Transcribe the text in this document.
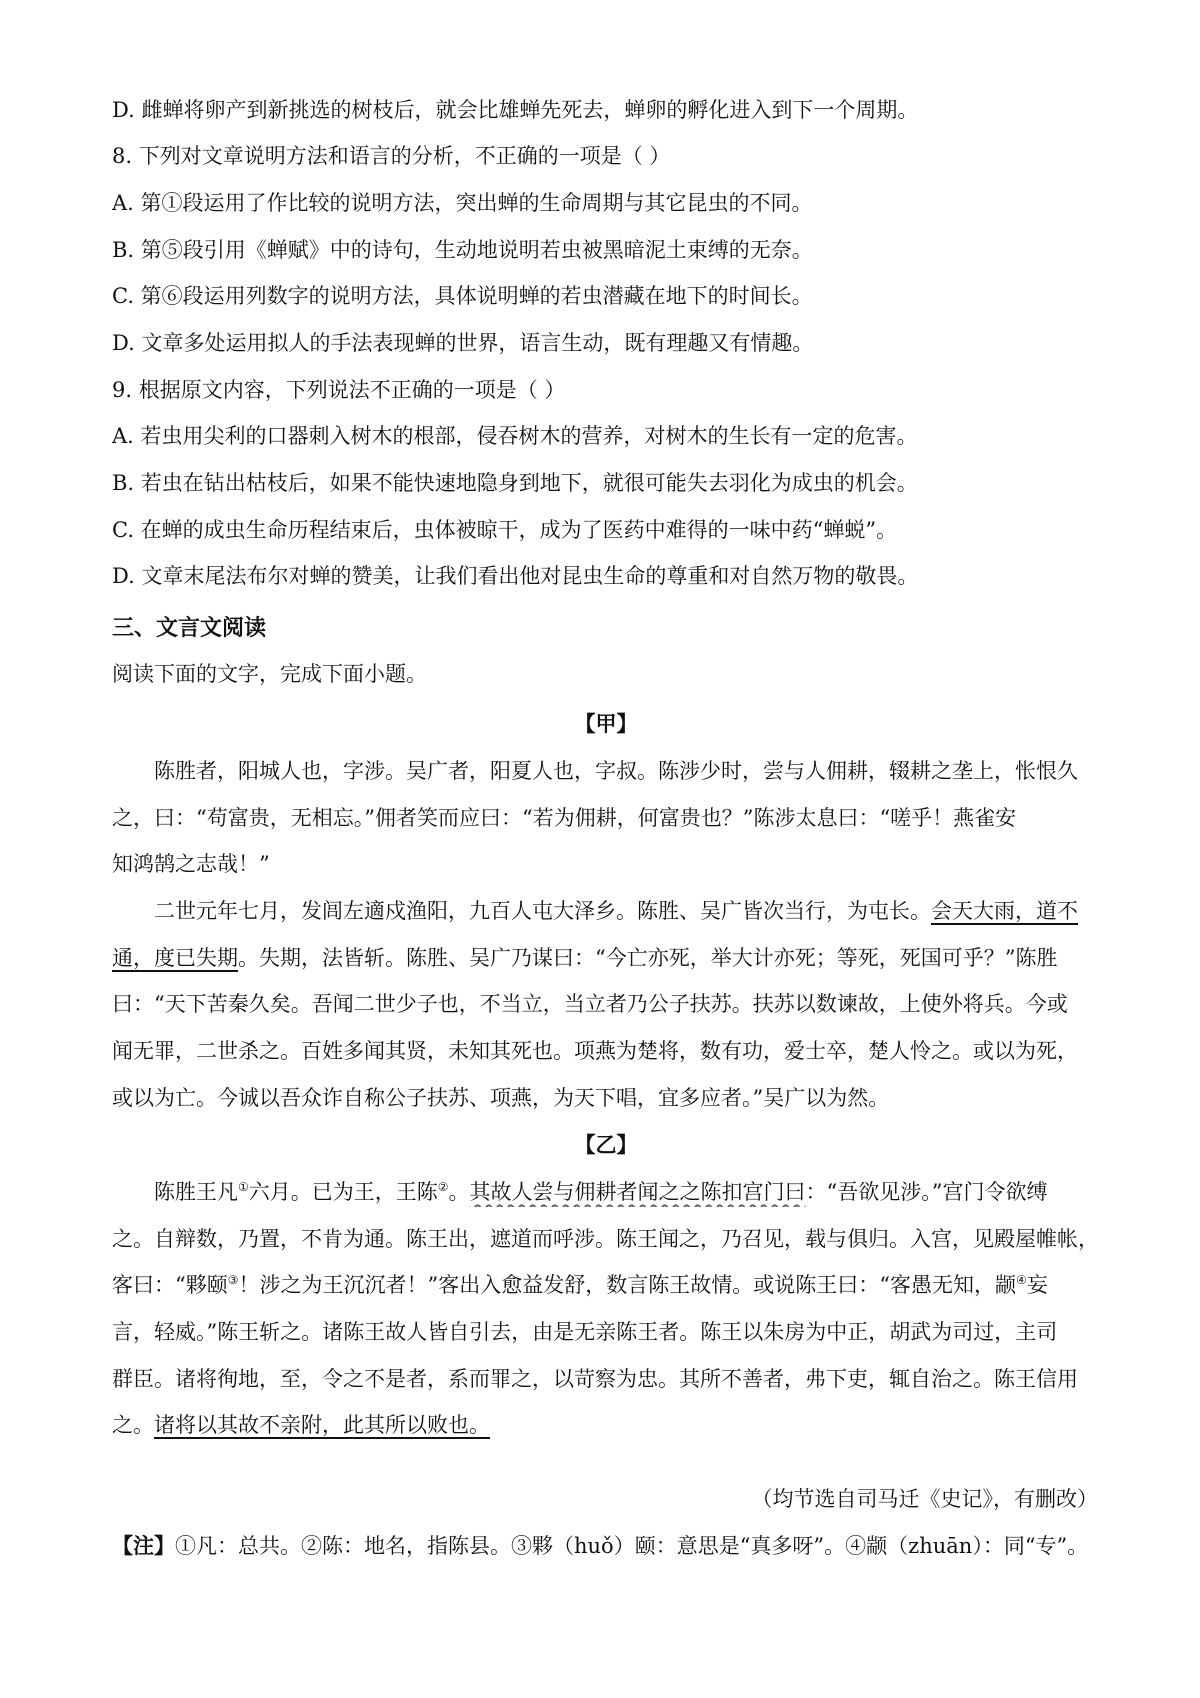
D. 雌蝉将卵产到新挑选的树枝后，就会比雄蝉先死去，蝉卵的孵化进入到下一个周期。
8. 下列对文章说明方法和语言的分析，不正确的一项是（ ）
A. 第①段运用了作比较的说明方法，突出蝉的生命周期与其它昆虫的不同。
B. 第⑤段引用《蝉赋》中的诗句，生动地说明若虫被黑暗泥土束缚的无奈。
C. 第⑥段运用列数字的说明方法，具体说明蝉的若虫潜藏在地下的时间长。
D. 文章多处运用拟人的手法表现蝉的世界，语言生动，既有理趣又有情趣。
9. 根据原文内容，下列说法不正确的一项是（ ）
A. 若虫用尖利的口器刺入树木的根部，侵吞树木的营养，对树木的生长有一定的危害。
B. 若虫在钻出枯枝后，如果不能快速地隐身到地下，就很可能失去羽化为成虫的机会。
C. 在蝉的成虫生命历程结束后，虫体被晾干，成为了医药中难得的一味中药“蝉蜕”。
D. 文章末尾法布尔对蝉的赞美，让我们看出他对昆虫生命的尊重和对自然万物的敬畏。
三、文言文阅读
阅读下面的文字，完成下面小题。
【甲】
陈胜者，阳城人也，字涉。吴广者，阳夏人也，字叔。陈涉少时，尝与人佣耕，辍耕之垄上，怅恨久
之，曰：“苟富贵，无相忘。”佣者笑而应曰：“若为佣耕，何富贵也？”陈涉太息曰：“嗟乎！燕雀安
知鸿鹄之志哉！”
二世元年七月，发闾左適戍渔阳，九百人屯大泽乡。陈胜、吴广皆次当行，为屯长。会天大雨，道不
通，度已失期。失期，法皆斩。陈胜、吴广乃谋曰：“今亡亦死，举大计亦死；等死，死国可乎？”陈胜
曰：“天下苦秦久矣。吾闻二世少子也，不当立，当立者乃公子扶苏。扶苏以数谏故，上使外将兵。今或
闻无罪，二世杀之。百姓多闻其贤，未知其死也。项燕为楚将，数有功，爱士卒，楚人怜之。或以为死，
或以为亡。今诚以吾众诈自称公子扶苏、项燕，为天下唱，宜多应者。”吴广以为然。
【乙】
陈胜王凡①六月。已为王，王陈②。其故人尝与佣耕者闻之之陈扣宫门曰：“吾欲见涉。”宫门令欲缚
之。自辩数，乃置，不肯为通。陈王出，遮道而呼涉。陈王闻之，乃召见，载与俱归。入宫，见殿屋帷帐，
客曰：“夥颐③！涉之为王沉沉者！”客出入愈益发舒，数言陈王故情。或说陈王曰：“客愚无知，颛④妄
言，轻威。”陈王斩之。诸陈王故人皆自引去，由是无亲陈王者。陈王以朱房为中正，胡武为司过，主司
群臣。诸将徇地，至，令之不是者，系而罪之，以苛察为忠。其所不善者，弗下吏，辄自治之。陈王信用
之。诸将以其故不亲附，此其所以败也。
（均节选自司马迁《史记》，有删改）
【注】①凡：总共。②陈：地名，指陈县。③夥（huǒ）颐：意思是“真多呀”。④颛（zhuān）：同“专”。
